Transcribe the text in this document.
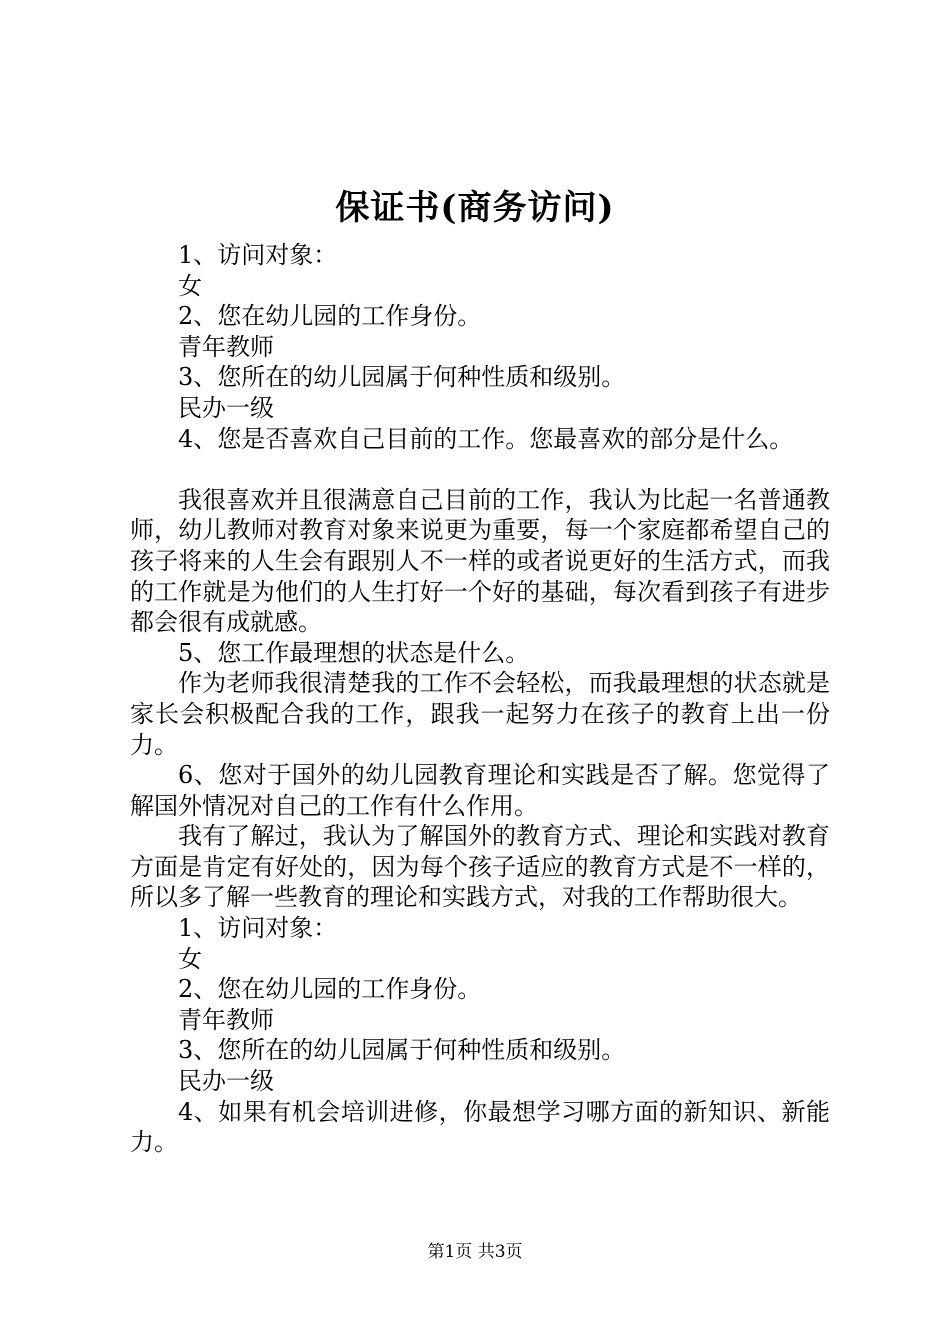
保证书(商务访问)

1、访问对象：

女

2、您在幼儿园的工作身份。

青年教师

3、您所在的幼儿园属于何种性质和级别。

民办一级

4、您是否喜欢自己目前的工作。您最喜欢的部分是什么。

我很喜欢并且很满意自己目前的工作，我认为比起一名普通教师，幼儿教师对教育对象来说更为重要，每一个家庭都希望自己的孩子将来的人生会有跟别人不一样的或者说更好的生活方式，而我的工作就是为他们的人生打好一个好的基础，每次看到孩子有进步都会很有成就感。

5、您工作最理想的状态是什么。

作为老师我很清楚我的工作不会轻松，而我最理想的状态就是家长会积极配合我的工作，跟我一起努力在孩子的教育上出一份力。

6、您对于国外的幼儿园教育理论和实践是否了解。您觉得了解国外情况对自己的工作有什么作用。

我有了解过，我认为了解国外的教育方式、理论和实践对教育方面是肯定有好处的，因为每个孩子适应的教育方式是不一样的，所以多了解一些教育的理论和实践方式，对我的工作帮助很大。

1、访问对象：

女

2、您在幼儿园的工作身份。

青年教师

3、您所在的幼儿园属于何种性质和级别。

民办一级

4、如果有机会培训进修，你最想学习哪方面的新知识、新能力。

第1页 共3页
